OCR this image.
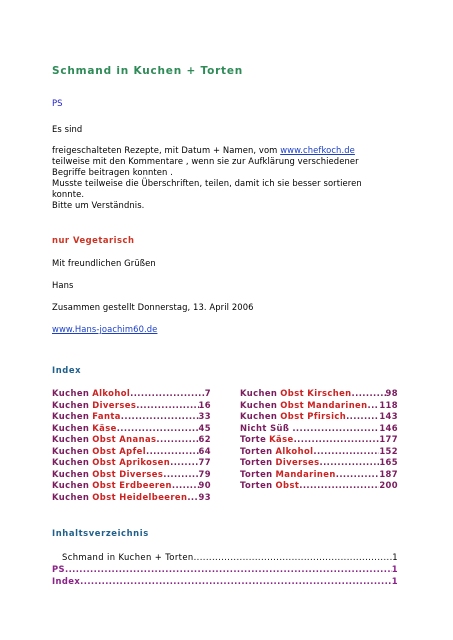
Schmand in Kuchen + Torten
PS
Es sind
freigeschalteten Rezepte, mit Datum + Namen, vom www.chefkoch.de
teilweise mit den Kommentare , wenn sie zur Aufklärung verschiedener
Begriffe beitragen konnten .
Musste teilweise die Überschriften, teilen, damit ich sie besser sortieren
konnte.
Bitte um Verständnis.
nur Vegetarisch
Mit freundlichen Grüßen
Hans
Zusammen gestellt Donnerstag, 13. April 2006
www.Hans-joachim60.de
Index
Kuchen Alkohol .....	7
Kuchen Diverses .....	16
Kuchen Fanta .....	33
Kuchen Käse .....	45
Kuchen Obst Ananas .....	62
Kuchen Obst Apfel .....	64
Kuchen Obst Aprikosen .....	77
Kuchen Obst Diverses .....	79
Kuchen Obst Erdbeeren .....	90
Kuchen Obst Heidelbeeren ..... 93
Kuchen Obst Kirschen .....	98
Kuchen Obst Mandarinen ..... 118
Kuchen Obst Pfirsich .....	143
Nicht Süß .....	146
Torte Käse .....	177
Torten Alkohol .....	152
Torten Diverses .....	165
Torten Mandarinen .....	187
Torten Obst .....	200
Inhaltsverzeichnis
Schmand in Kuchen + Torten .....	1
PS .....	1
Index .....	1
